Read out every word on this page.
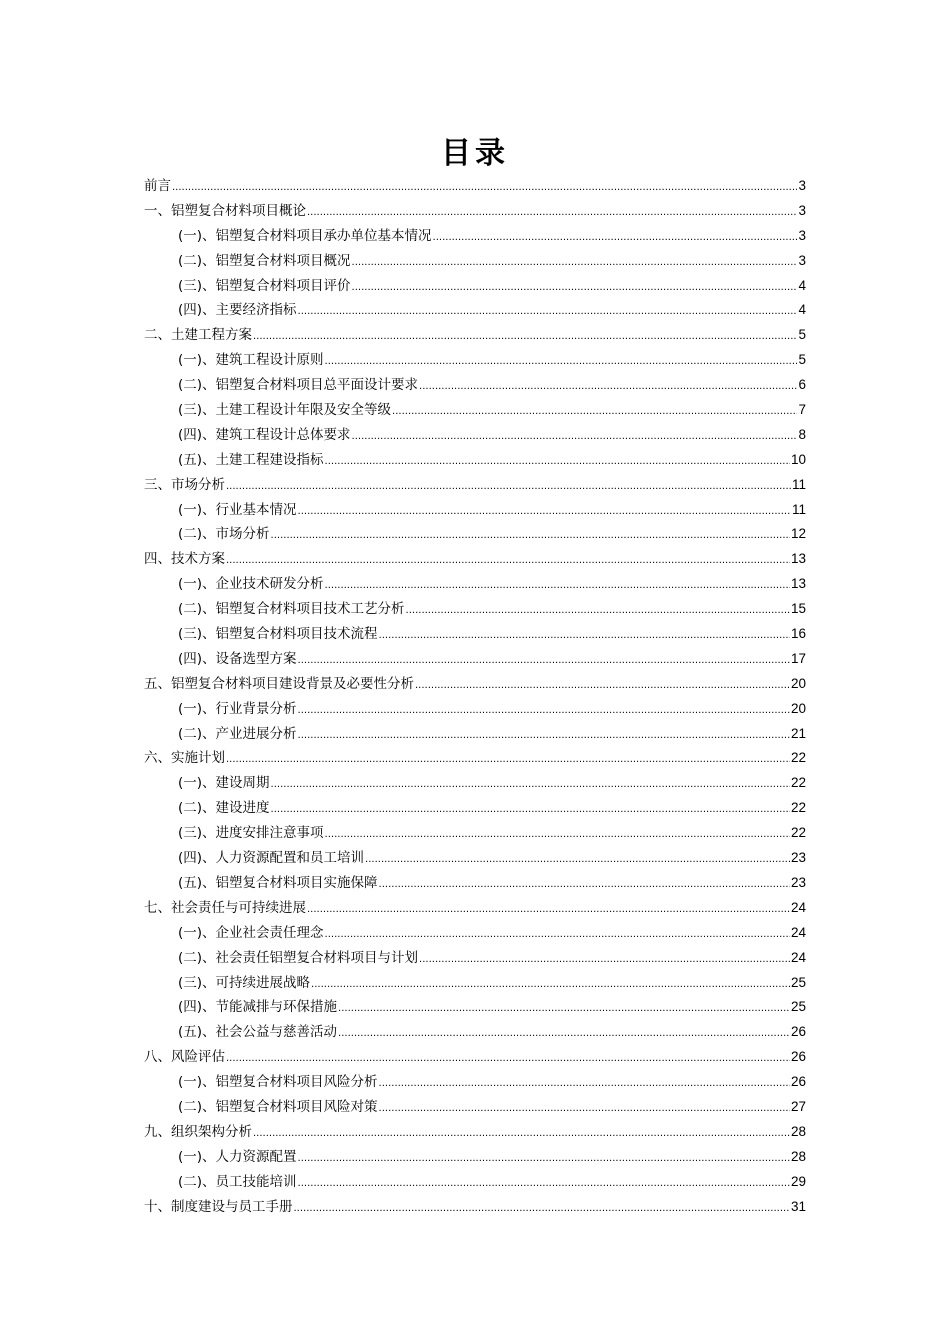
目录
前言 .....	3
一、铝塑复合材料项目概论 .....	3
(一)、铝塑复合材料项目承办单位基本情况 .....	3
(二)、铝塑复合材料项目概况 .....	3
(三)、铝塑复合材料项目评价 .....	4
(四)、主要经济指标 .....	4
二、土建工程方案 .....	5
(一)、建筑工程设计原则 .....	5
(二)、铝塑复合材料项目总平面设计要求 .....	6
(三)、土建工程设计年限及安全等级 .....	7
(四)、建筑工程设计总体要求 .....	8
(五)、土建工程建设指标 .....	10
三、市场分析 .....	11
(一)、行业基本情况 .....	11
(二)、市场分析 .....	12
四、技术方案 .....	13
(一)、企业技术研发分析 .....	13
(二)、铝塑复合材料项目技术工艺分析 .....	15
(三)、铝塑复合材料项目技术流程 .....	16
(四)、设备选型方案 .....	17
五、铝塑复合材料项目建设背景及必要性分析 .....	20
(一)、行业背景分析 .....	20
(二)、产业进展分析 .....	21
六、实施计划 .....	22
(一)、建设周期 .....	22
(二)、建设进度 .....	22
(三)、进度安排注意事项 .....	22
(四)、人力资源配置和员工培训 .....	23
(五)、铝塑复合材料项目实施保障 .....	23
七、社会责任与可持续进展 .....	24
(一)、企业社会责任理念 .....	24
(二)、社会责任铝塑复合材料项目与计划 .....	24
(三)、可持续进展战略 .....	25
(四)、节能减排与环保措施 .....	25
(五)、社会公益与慈善活动 .....	26
八、风险评估 .....	26
(一)、铝塑复合材料项目风险分析 .....	26
(二)、铝塑复合材料项目风险对策 .....	27
九、组织架构分析 .....	28
(一)、人力资源配置 .....	28
(二)、员工技能培训 .....	29
十、制度建设与员工手册 .....	31
